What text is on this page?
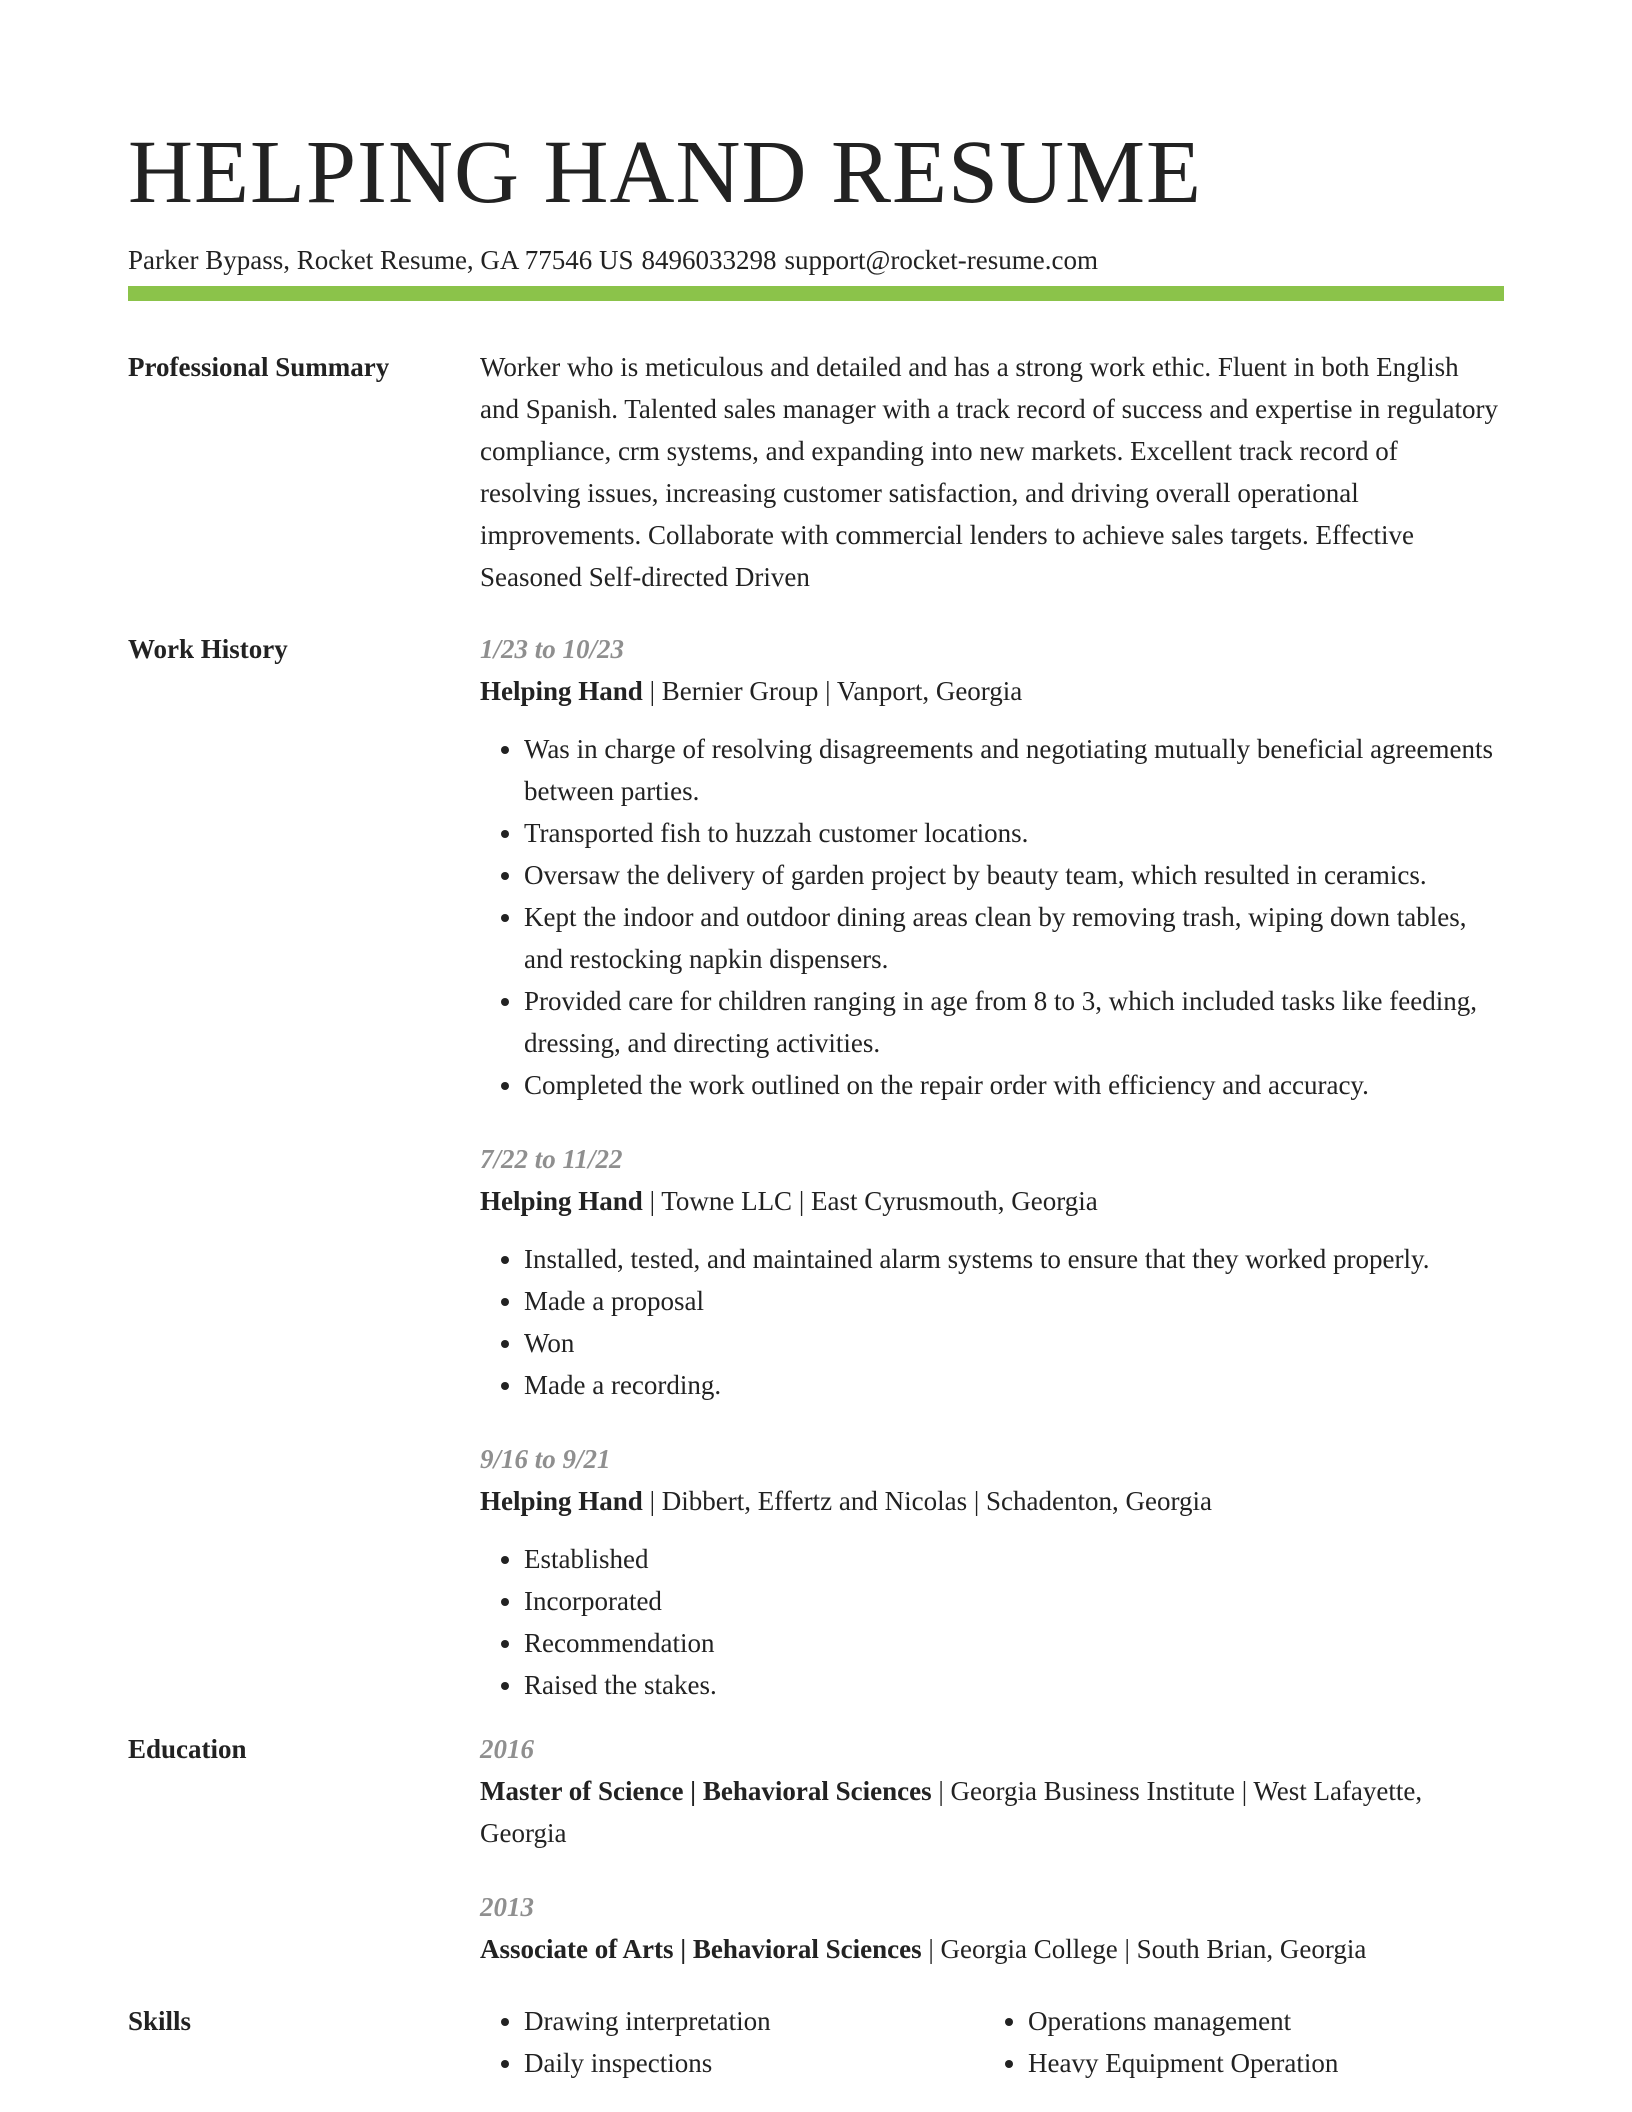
HELPING HAND RESUME
Parker Bypass, Rocket Resume, GA 77546 US 8496033298 support@rocket-resume.com
Professional Summary	Worker who is meticulous and detailed and has a strong work ethic. Fluent in both English and Spanish. Talented sales manager with a track record of success and expertise in regulatory compliance, crm systems, and expanding into new markets. Excellent track record of resolving issues, increasing customer satisfaction, and driving overall operational improvements. Collaborate with commercial lenders to achieve sales targets. Effective Seasoned Self-directed Driven
Work History	1/23 to 10/23
Helping Hand | Bernier Group | Vanport, Georgia
• Was in charge of resolving disagreements and negotiating mutually beneficial agreements between parties.
• Transported fish to huzzah customer locations.
• Oversaw the delivery of garden project by beauty team, which resulted in ceramics.
• Kept the indoor and outdoor dining areas clean by removing trash, wiping down tables, and restocking napkin dispensers.
• Provided care for children ranging in age from 8 to 3, which included tasks like feeding, dressing, and directing activities.
• Completed the work outlined on the repair order with efficiency and accuracy.
7/22 to 11/22
Helping Hand | Towne LLC | East Cyrusmouth, Georgia
• Installed, tested, and maintained alarm systems to ensure that they worked properly.
• Made a proposal
• Won
• Made a recording.
9/16 to 9/21
Helping Hand | Dibbert, Effertz and Nicolas | Schadenton, Georgia
• Established
• Incorporated
• Recommendation
• Raised the stakes.
Education	2016
Master of Science | Behavioral Sciences | Georgia Business Institute | West Lafayette, Georgia
2013
Associate of Arts | Behavioral Sciences | Georgia College | South Brian, Georgia
Skills
•	Drawing interpretation
• Daily inspections
• Operations management
• Heavy Equipment Operation
